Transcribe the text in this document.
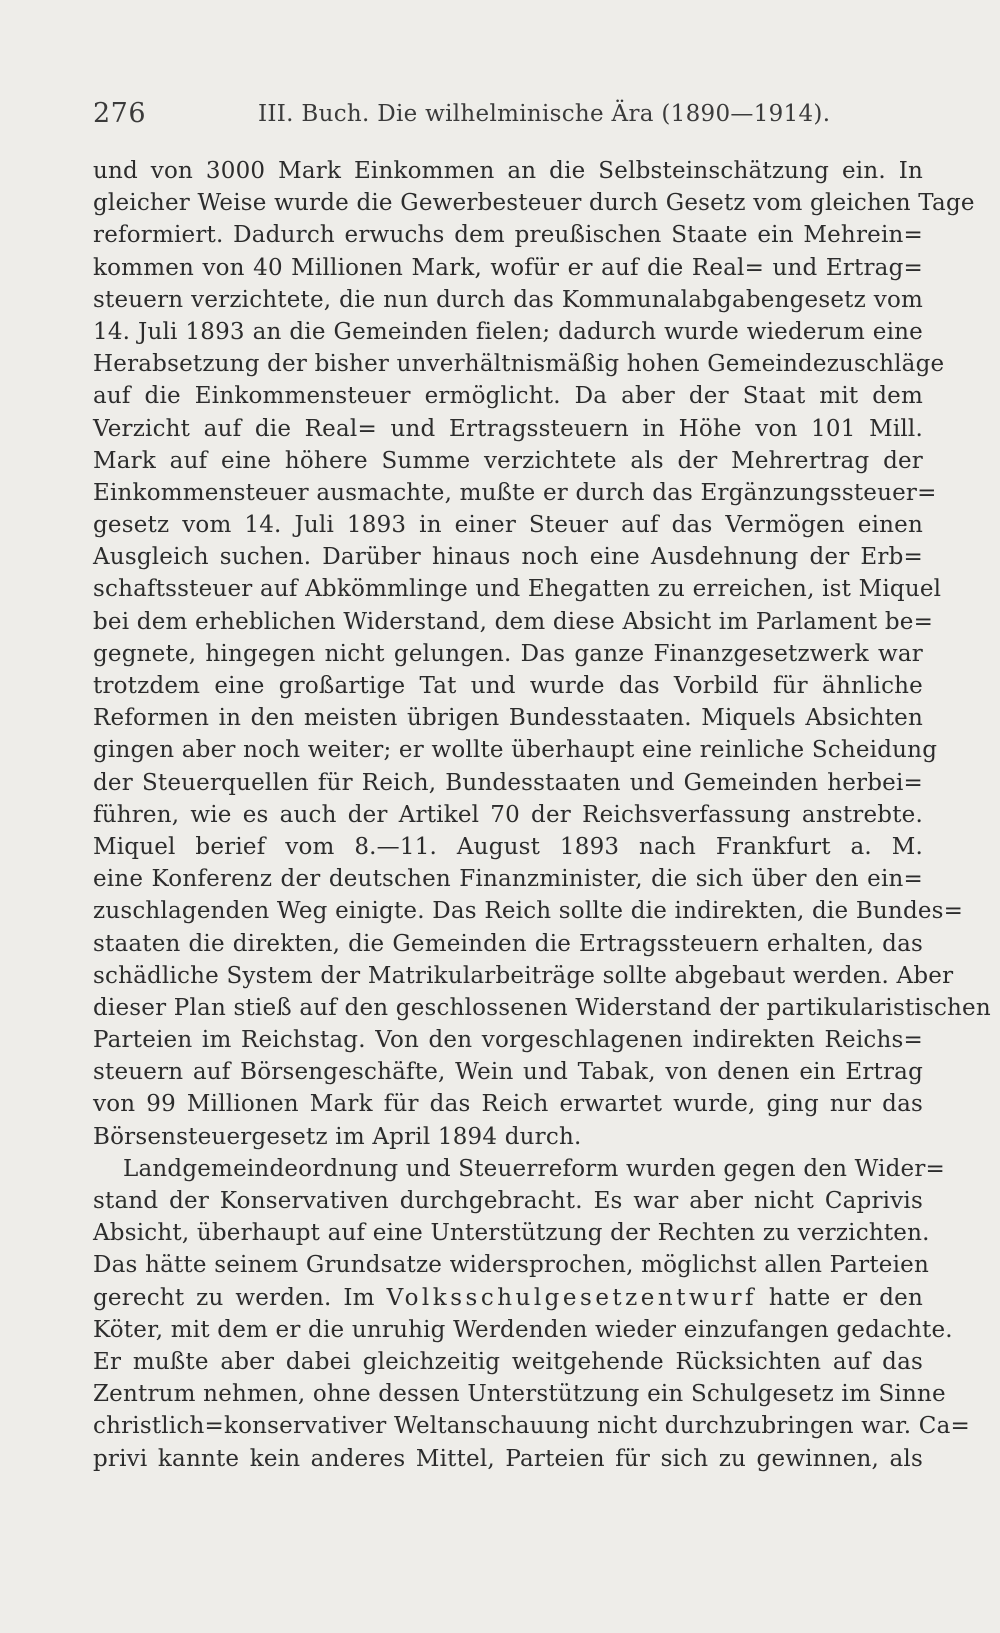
276	III. Buch. Die wilhelminische Ära (1890—1914).
und von 3000 Mark Einkommen an die Selbsteinschätzung ein. In
gleicher Weise wurde die Gewerbesteuer durch Gesetz vom gleichen Tage
reformiert. Dadurch erwuchs dem preußischen Staate ein Mehrein=
kommen von 40 Millionen Mark, wofür er auf die Real= und Ertrag=
steuern verzichtete, die nun durch das Kommunalabgabengesetz vom
14. Juli 1893 an die Gemeinden fielen; dadurch wurde wiederum eine
Herabsetzung der bisher unverhältnismäßig hohen Gemeindezuschläge
auf die Einkommensteuer ermöglicht. Da aber der Staat mit dem
Verzicht auf die Real= und Ertragssteuern in Höhe von 101 Mill.
Mark auf eine höhere Summe verzichtete als der Mehrertrag der
Einkommensteuer ausmachte, mußte er durch das Ergänzungssteuer=
gesetz vom 14. Juli 1893 in einer Steuer auf das Vermögen einen
Ausgleich suchen. Darüber hinaus noch eine Ausdehnung der Erb=
schaftssteuer auf Abkömmlinge und Ehegatten zu erreichen, ist Miquel
bei dem erheblichen Widerstand, dem diese Absicht im Parlament be=
gegnete, hingegen nicht gelungen. Das ganze Finanzgesetzwerk war
trotzdem eine großartige Tat und wurde das Vorbild für ähnliche
Reformen in den meisten übrigen Bundesstaaten. Miquels Absichten
gingen aber noch weiter; er wollte überhaupt eine reinliche Scheidung
der Steuerquellen für Reich, Bundesstaaten und Gemeinden herbei=
führen, wie es auch der Artikel 70 der Reichsverfassung anstrebte.
Miquel berief vom 8.—11. August 1893 nach Frankfurt a. M.
eine Konferenz der deutschen Finanzminister, die sich über den ein=
zuschlagenden Weg einigte. Das Reich sollte die indirekten, die Bundes=
staaten die direkten, die Gemeinden die Ertragssteuern erhalten, das
schädliche System der Matrikularbeiträge sollte abgebaut werden. Aber
dieser Plan stieß auf den geschlossenen Widerstand der partikularistischen
Parteien im Reichstag. Von den vorgeschlagenen indirekten Reichs=
steuern auf Börsengeschäfte, Wein und Tabak, von denen ein Ertrag
von 99 Millionen Mark für das Reich erwartet wurde, ging nur das
Börsensteuergesetz im April 1894 durch.
Landgemeindeordnung und Steuerreform wurden gegen den Wider=
stand der Konservativen durchgebracht. Es war aber nicht Caprivis
Absicht, überhaupt auf eine Unterstützung der Rechten zu verzichten.
Das hätte seinem Grundsatze widersprochen, möglichst allen Parteien
gerecht zu werden. Im Volksschulgesetzentwurf hatte er den
Köter, mit dem er die unruhig Werdenden wieder einzufangen gedachte.
Er mußte aber dabei gleichzeitig weitgehende Rücksichten auf das
Zentrum nehmen, ohne dessen Unterstützung ein Schulgesetz im Sinne
christlich=konservativer Weltanschauung nicht durchzubringen war. Ca=
privi kannte kein anderes Mittel, Parteien für sich zu gewinnen, als
